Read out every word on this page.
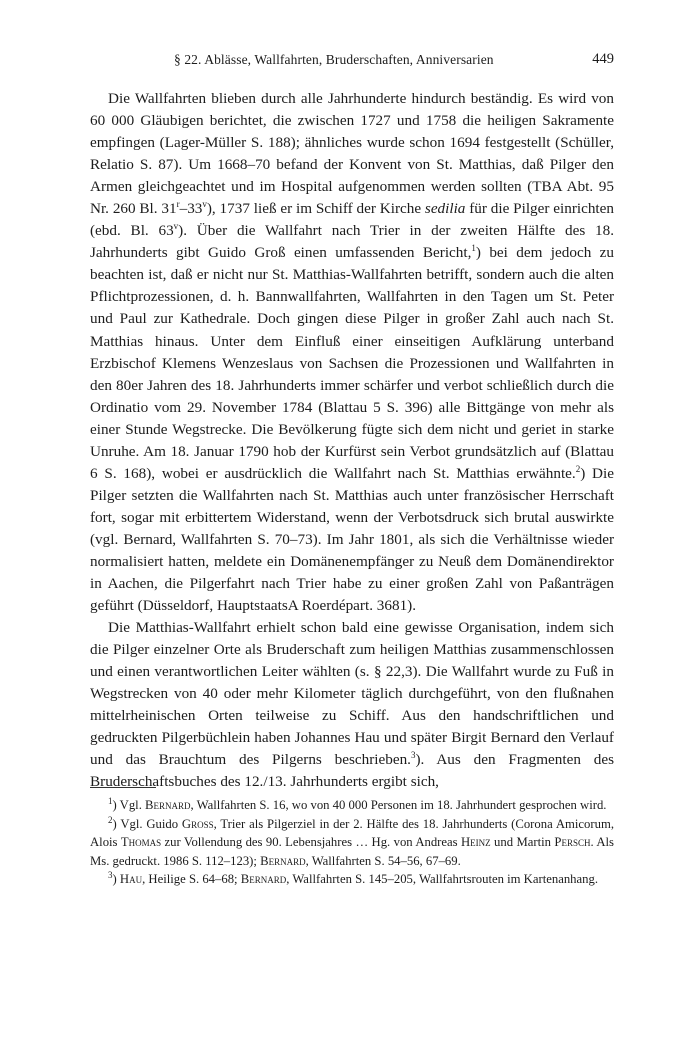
§ 22. Ablässe, Wallfahrten, Bruderschaften, Anniversarien	449

Die Wallfahrten blieben durch alle Jahrhunderte hindurch beständig. Es wird von 60 000 Gläubigen berichtet, die zwischen 1727 und 1758 die heiligen Sakramente empfingen (Lager-Müller S. 188); ähnliches wurde schon 1694 festgestellt (Schüller, Relatio S. 87). Um 1668–70 befand der Konvent von St. Matthias, daß Pilger den Armen gleichgeachtet und im Hospital aufgenommen werden sollten (TBA Abt. 95 Nr. 260 Bl. 31$^r$–33$^v$), 1737 ließ er im Schiff der Kirche sedilia für die Pilger einrichten (ebd. Bl. 63$^v$). Über die Wallfahrt nach Trier in der zweiten Hälfte des 18. Jahrhunderts gibt Guido Groß einen umfassenden Bericht,$^1$) bei dem jedoch zu beachten ist, daß er nicht nur St. Matthias-Wallfahrten betrifft, sondern auch die alten Pflichtprozessionen, d. h. Bannwallfahrten, Wallfahrten in den Tagen um St. Peter und Paul zur Kathedrale. Doch gingen diese Pilger in großer Zahl auch nach St. Matthias hinaus. Unter dem Einfluß einer einseitigen Aufklärung unterband Erzbischof Klemens Wenzeslaus von Sachsen die Prozessionen und Wallfahrten in den 80er Jahren des 18. Jahrhunderts immer schärfer und verbot schließlich durch die Ordinatio vom 29. November 1784 (Blattau 5 S. 396) alle Bittgänge von mehr als einer Stunde Wegstrecke. Die Bevölkerung fügte sich dem nicht und geriet in starke Unruhe. Am 18. Januar 1790 hob der Kurfürst sein Verbot grundsätzlich auf (Blattau 6 S. 168), wobei er ausdrücklich die Wallfahrt nach St. Matthias erwähnte.$^2$) Die Pilger setzten die Wallfahrten nach St. Matthias auch unter französischer Herrschaft fort, sogar mit erbittertem Widerstand, wenn der Verbotsdruck sich brutal auswirkte (vgl. Bernard, Wallfahrten S. 70–73). Im Jahr 1801, als sich die Verhältnisse wieder normalisiert hatten, meldete ein Domänenempfänger zu Neuß dem Domänendirektor in Aachen, die Pilgerfahrt nach Trier habe zu einer großen Zahl von Paßanträgen geführt (Düsseldorf, HauptstaatsA Roerdépart. 3681).

Die Matthias-Wallfahrt erhielt schon bald eine gewisse Organisation, indem sich die Pilger einzelner Orte als Bruderschaft zum heiligen Matthias zusammenschlossen und einen verantwortlichen Leiter wählten (s. § 22,3). Die Wallfahrt wurde zu Fuß in Wegstrecken von 40 oder mehr Kilometer täglich durchgeführt, von den flußnahen mittelrheinischen Orten teilweise zu Schiff. Aus den handschriftlichen und gedruckten Pilgerbüchlein haben Johannes Hau und später Birgit Bernard den Verlauf und das Brauchtum des Pilgerns beschrieben.$^3$). Aus den Fragmenten des Bruderschaftsbuches des 12./13. Jahrhunderts ergibt sich,

$^1$) Vgl. Bernard, Wallfahrten S. 16, wo von 40 000 Personen im 18. Jahrhundert gesprochen wird.

$^2$) Vgl. Guido Groß, Trier als Pilgerziel in der 2. Hälfte des 18. Jahrhunderts (Corona Amicorum, Alois Thomas zur Vollendung des 90. Lebensjahres … Hg. von Andreas Heinz und Martin Persch. Als Ms. gedruckt. 1986 S. 112–123); Bernard, Wallfahrten S. 54–56, 67–69.

$^3$) Hau, Heilige S. 64–68; Bernard, Wallfahrten S. 145–205, Wallfahrtsrouten im Kartenanhang.
